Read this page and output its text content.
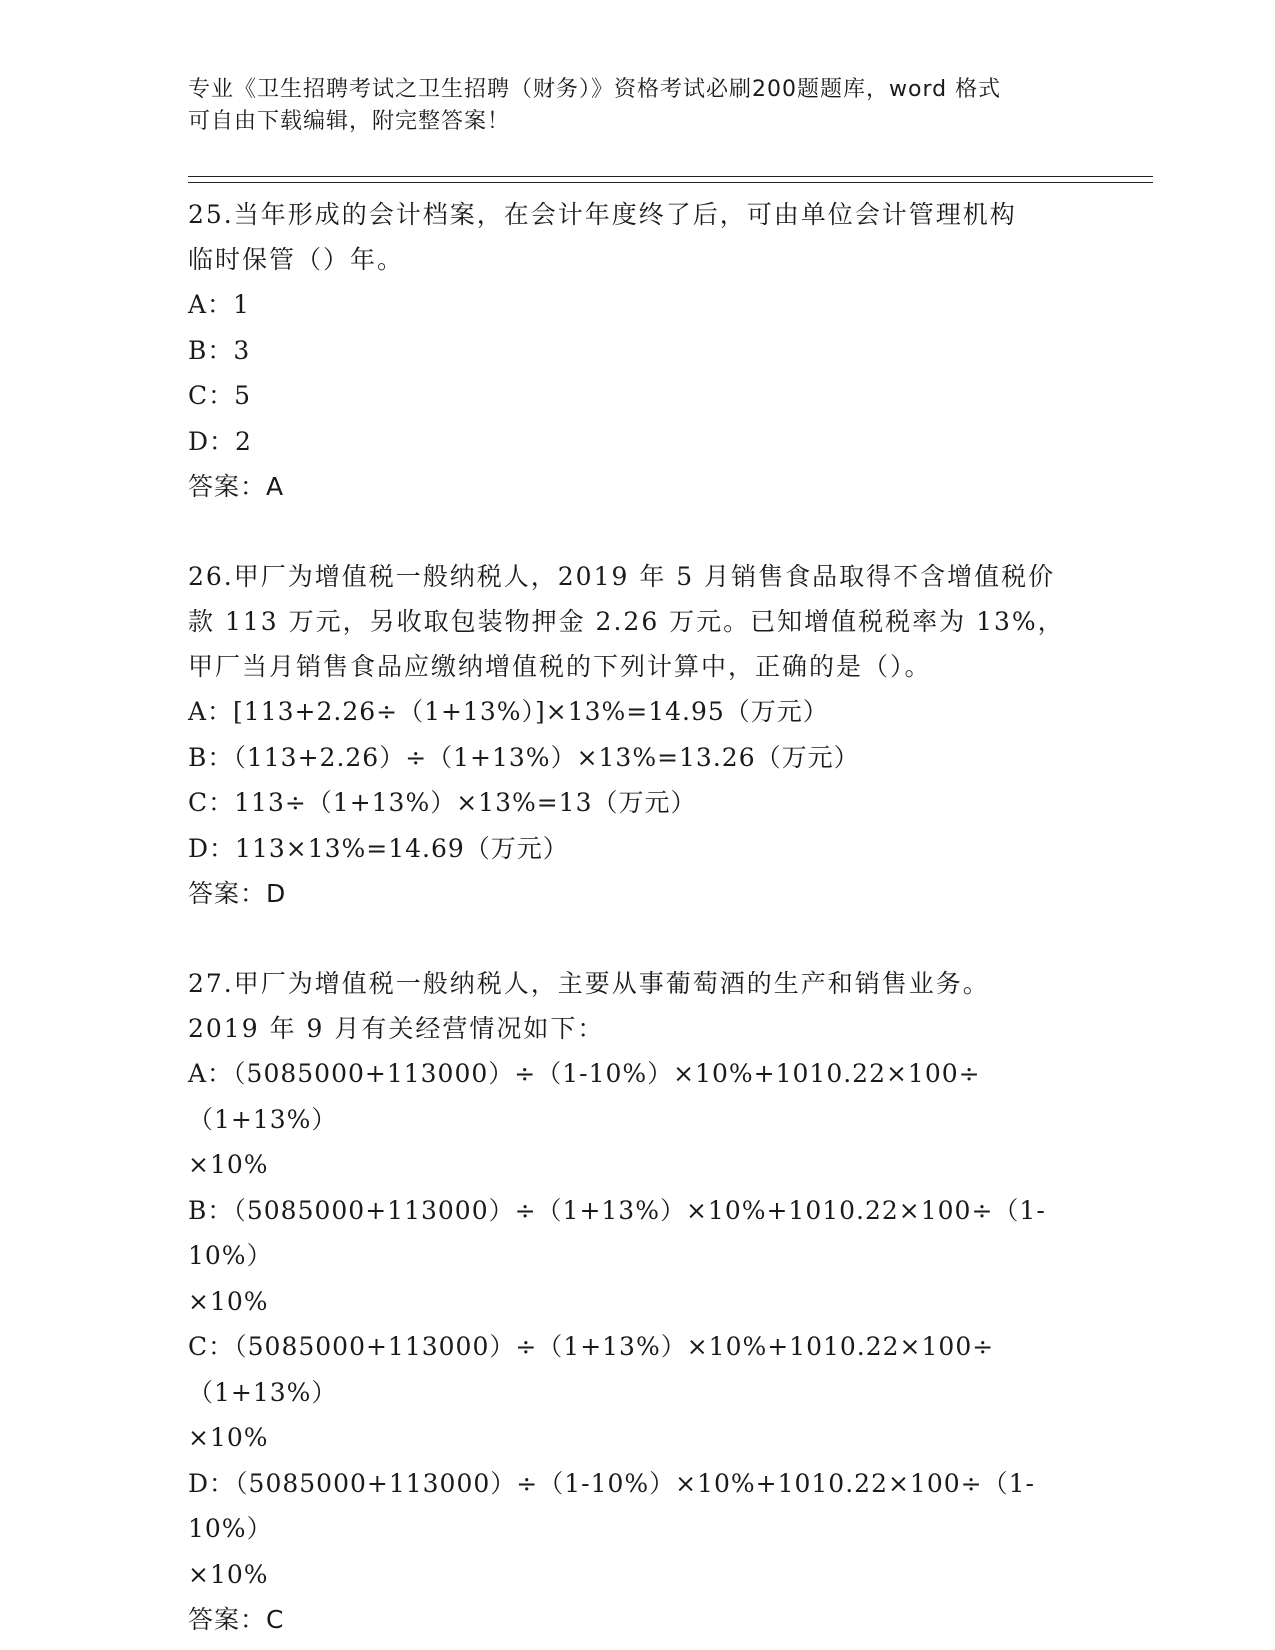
专业《卫生招聘考试之卫生招聘（财务）》资格考试必刷200题题库，word 格式
可自由下载编辑，附完整答案！
25.当年形成的会计档案，在会计年度终了后，可由单位会计管理机构
临时保管（）年。
A：1
B：3
C：5
D：2
答案：A
26.甲厂为增值税一般纳税人，2019 年 5 月销售食品取得不含增值税价
款 113 万元，另收取包装物押金 2.26 万元。已知增值税税率为 13%，
甲厂当月销售食品应缴纳增值税的下列计算中，正确的是（）。
A：[113+2.26÷（1+13%）]×13%=14.95（万元）
B：（113+2.26）÷（1+13%）×13%=13.26（万元）
C：113÷（1+13%）×13%=13（万元）
D：113×13%=14.69（万元）
答案：D
27.甲厂为增值税一般纳税人，主要从事葡萄酒的生产和销售业务。
2019 年 9 月有关经营情况如下：
A：（5085000+113000）÷（1-10%）×10%+1010.22×100÷（1+13%）
×10%
B：（5085000+113000）÷（1+13%）×10%+1010.22×100÷（1-10%）
×10%
C：（5085000+113000）÷（1+13%）×10%+1010.22×100÷（1+13%）
×10%
D：（5085000+113000）÷（1-10%）×10%+1010.22×100÷（1-10%）
×10%
答案：C
